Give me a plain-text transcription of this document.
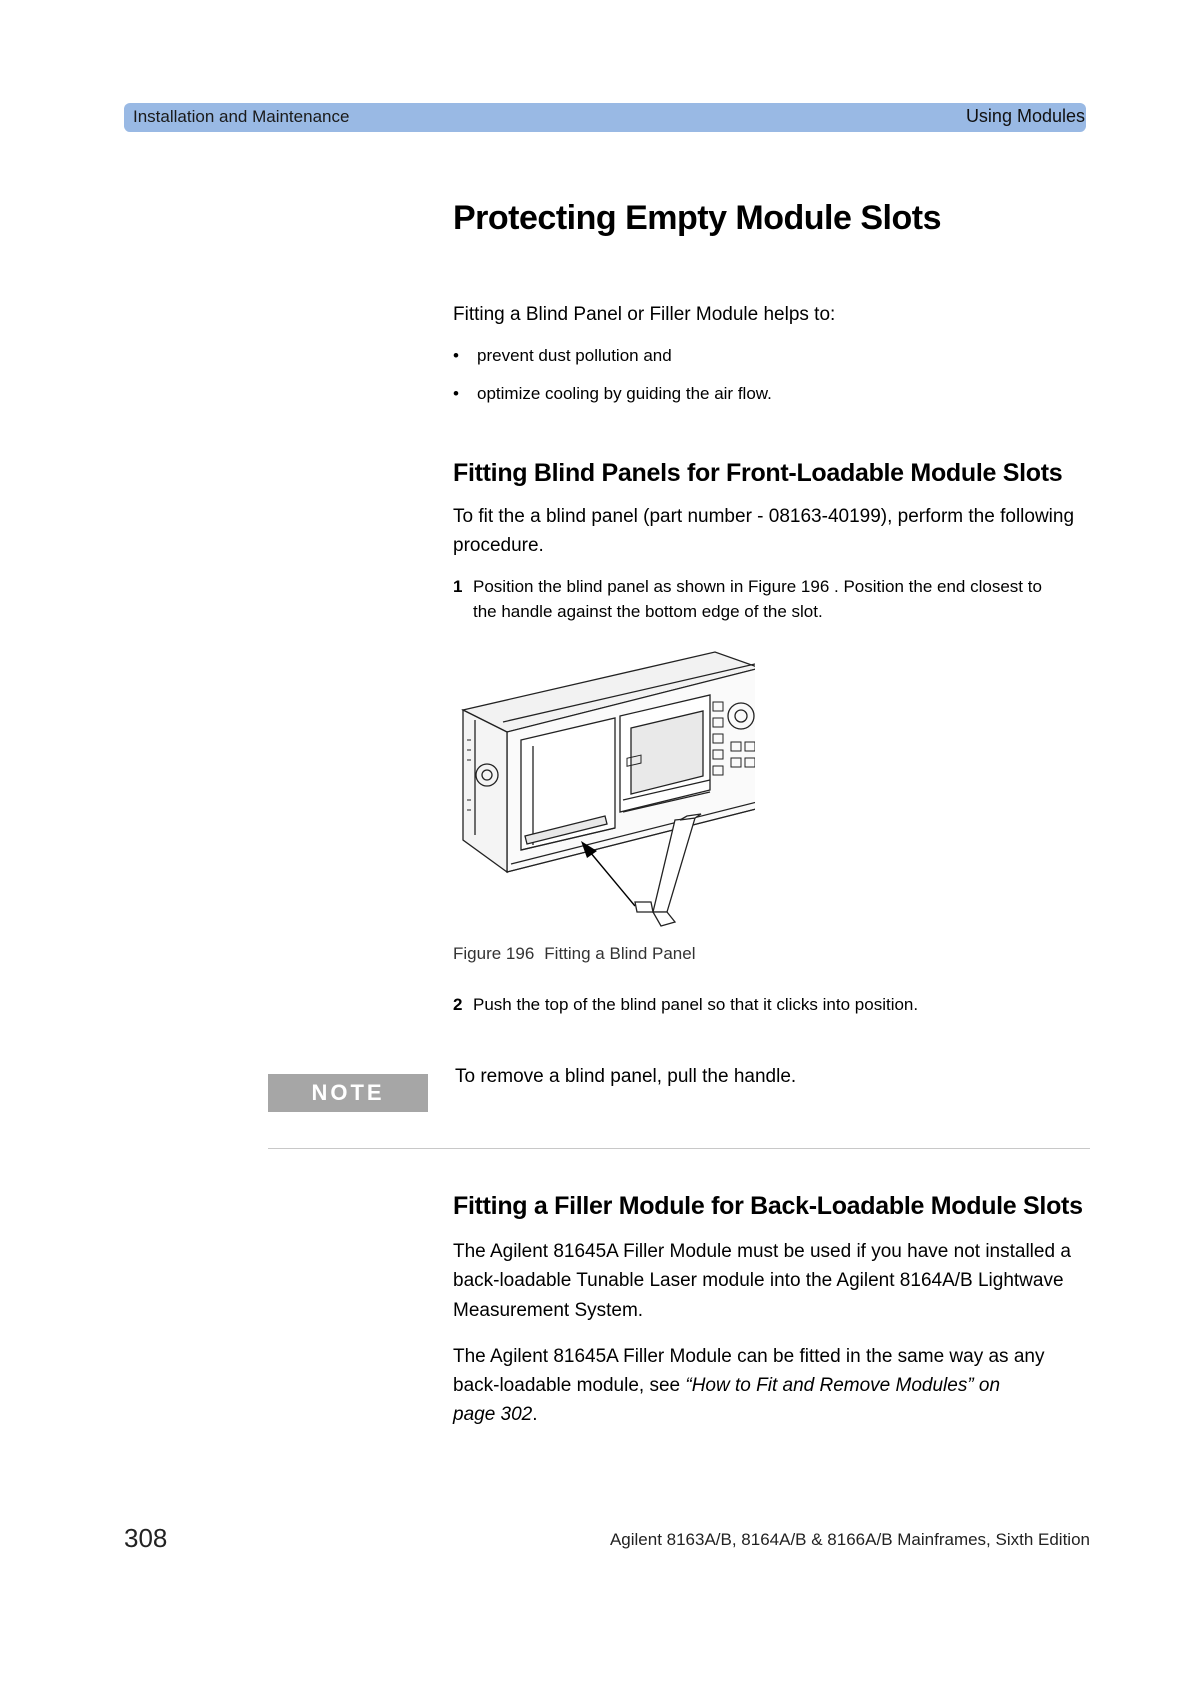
Installation and Maintenance	Using Modules
Protecting Empty Module Slots
Fitting a Blind Panel or Filler Module helps to:
• prevent dust pollution and
• optimize cooling by guiding the air flow.
Fitting Blind Panels for Front-Loadable Module Slots
To fit the a blind panel (part number - 08163-40199), perform the following
procedure.
1 Position the blind panel as shown in Figure 196 . Position the end closest to
the handle against the bottom edge of the slot.
Figure 196 Fitting a Blind Panel
2 Push the top of the blind panel so that it clicks into position.
NOTE
To remove a blind panel, pull the handle.
Fitting a Filler Module for Back-Loadable Module Slots
The Agilent 81645A Filler Module must be used if you have not installed a
back-loadable Tunable Laser module into the Agilent 8164A/B Lightwave
Measurement System.
The Agilent 81645A Filler Module can be fitted in the same way as any
back-loadable module, see “How to Fit and Remove Modules” on
page 302.
308	Agilent 8163A/B, 8164A/B & 8166A/B Mainframes, Sixth Edition
